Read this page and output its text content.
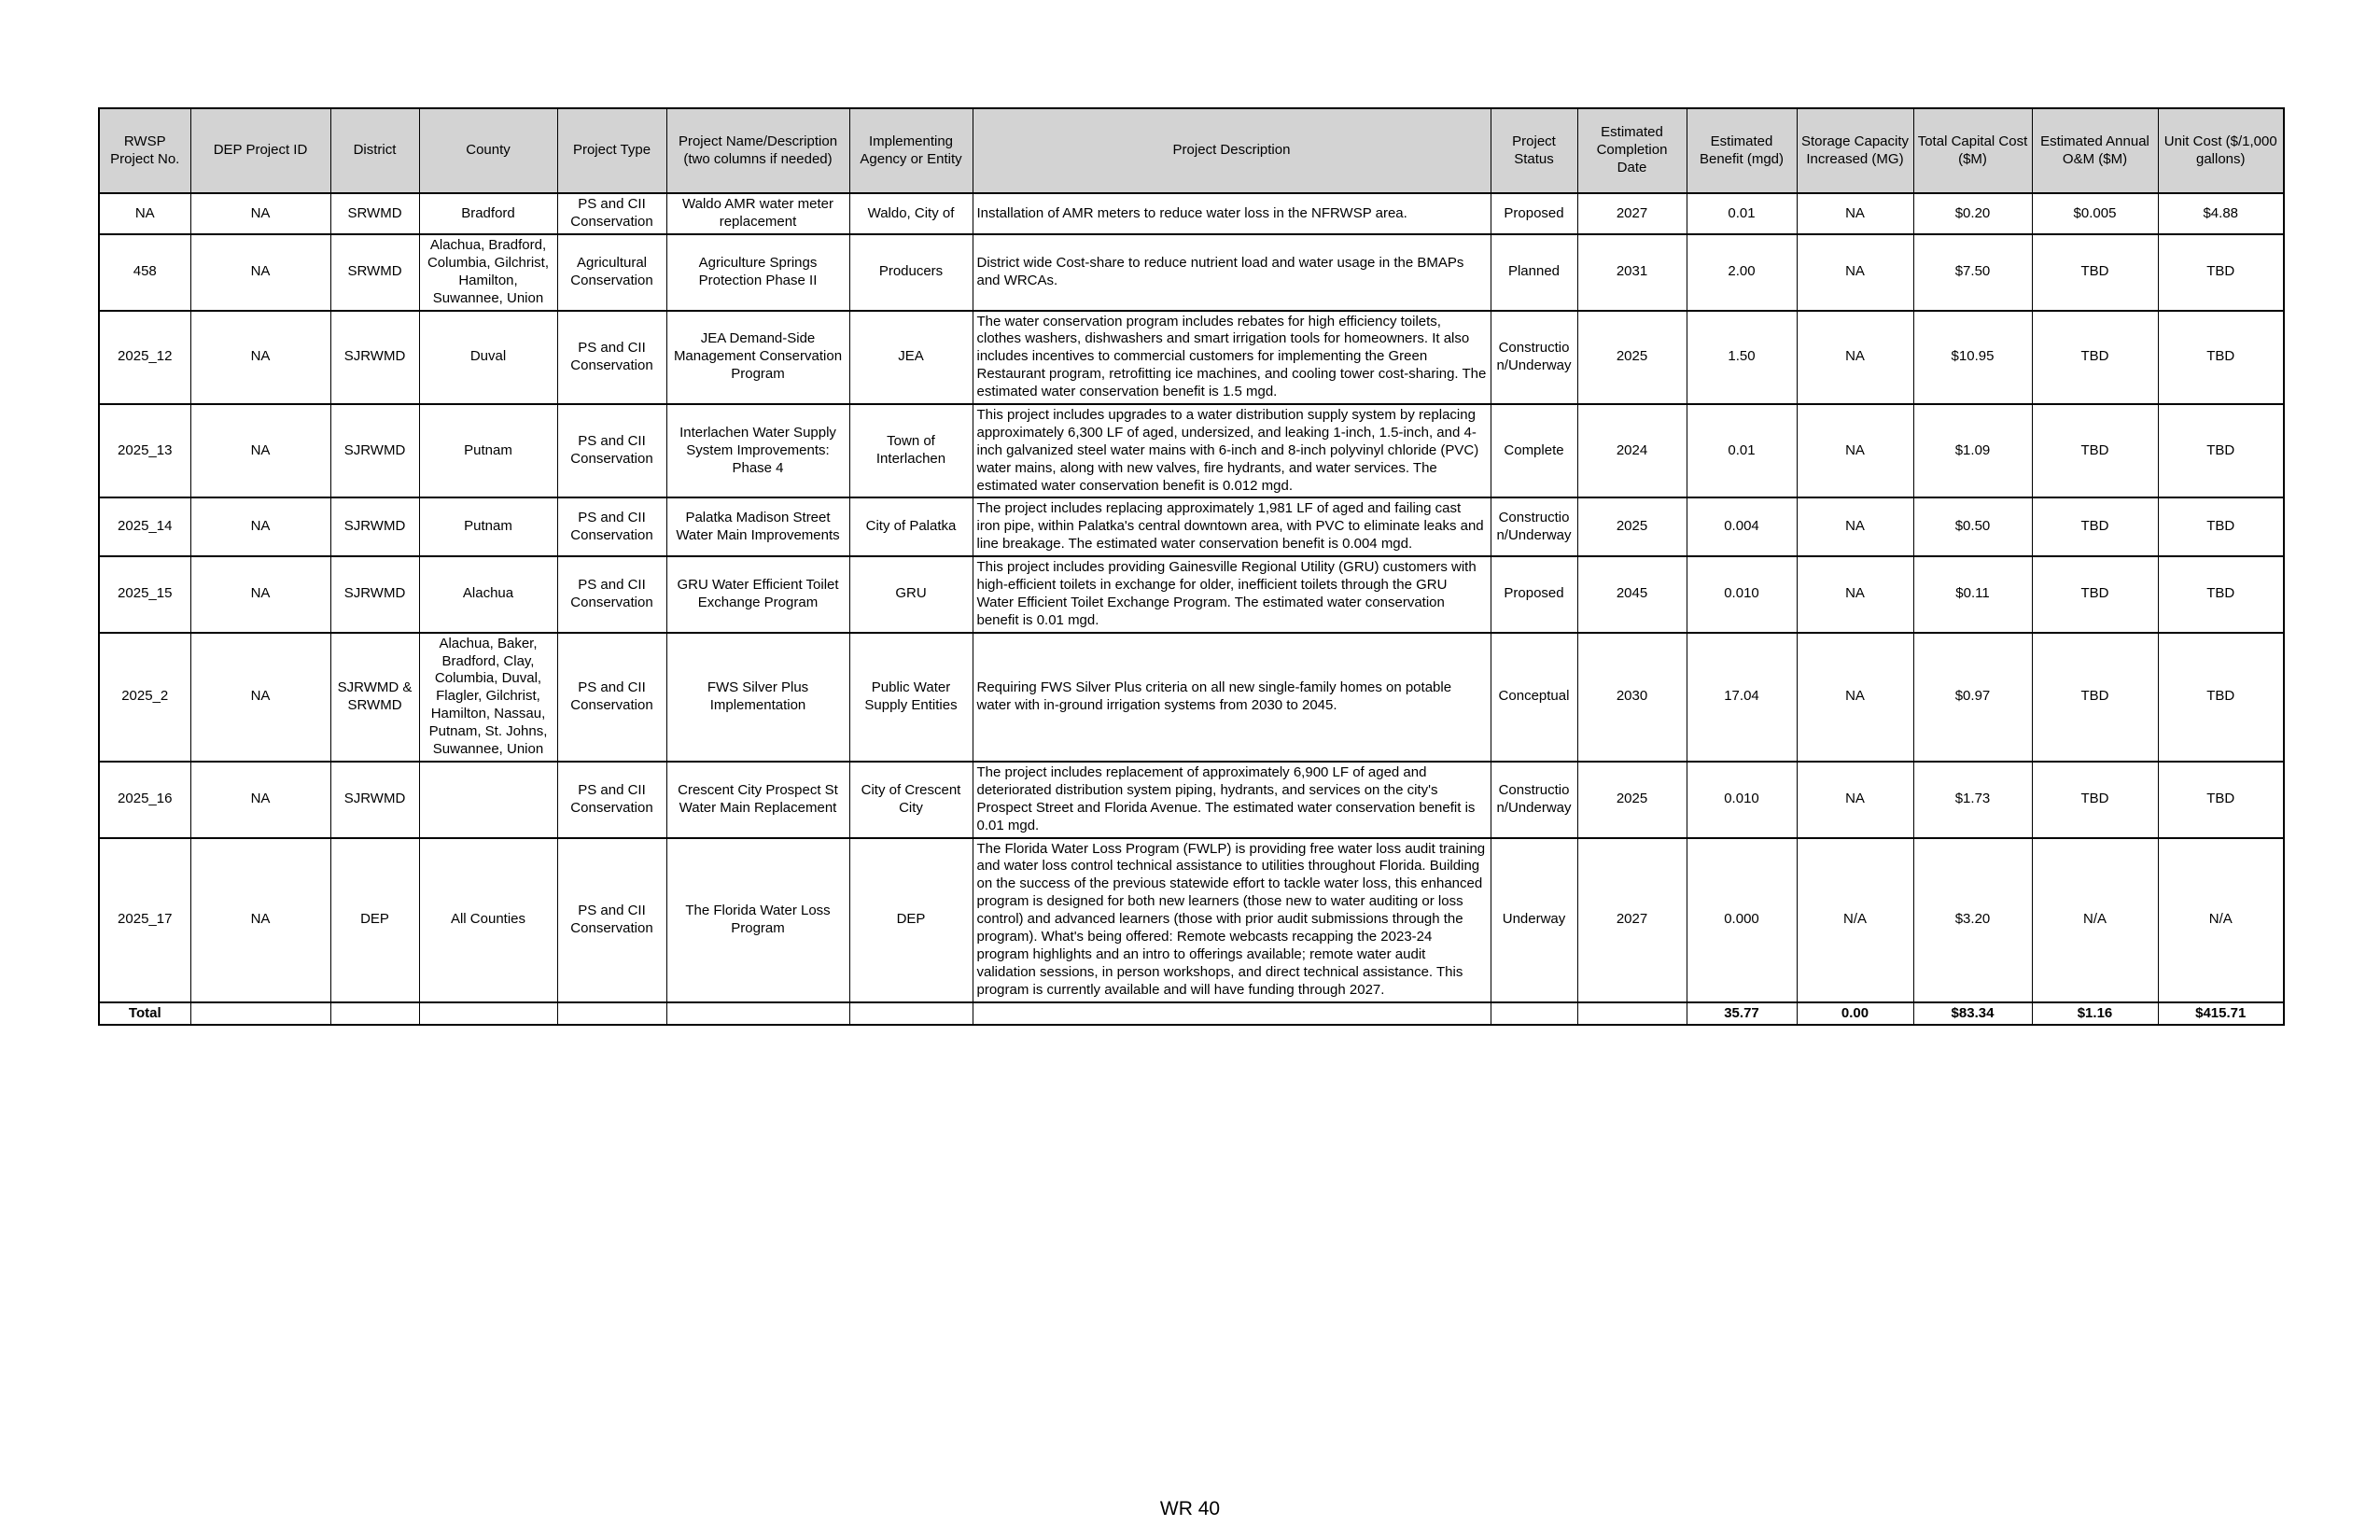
RWSP Project No.	DEP Project ID	District	County	Project Type	Project Name/Description (two columns if needed)	Implementing Agency or Entity	Project Description	Project Status	Estimated Completion Date	Estimated Benefit (mgd)	Storage Capacity Increased (MG)	Total Capital Cost ($M)	Estimated Annual O&M ($M)	Unit Cost ($/1,000 gallons)
NA	NA	SRWMD	Bradford	PS and CII Conservation	Waldo AMR water meter replacement	Waldo, City of	Installation of AMR meters to reduce water loss in the NFRWSP area.	Proposed	2027	0.01	NA	$0.20	$0.005	$4.88
458	NA	SRWMD	Alachua, Bradford, Columbia, Gilchrist, Hamilton, Suwannee, Union	Agricultural Conservation	Agriculture Springs Protection Phase II	Producers	District wide Cost-share to reduce nutrient load and water usage in the BMAPs and WRCAs.	Planned	2031	2.00	NA	$7.50	TBD	TBD
2025_12	NA	SJRWMD	Duval	PS and CII Conservation	JEA Demand-Side Management Conservation Program	JEA	The water conservation program includes rebates for high efficiency toilets, clothes washers, dishwashers and smart irrigation tools for homeowners. It also includes incentives to commercial customers for implementing the Green Restaurant program, retrofitting ice machines, and cooling tower cost-sharing. The estimated water conservation benefit is 1.5 mgd.	Construction/Underway	2025	1.50	NA	$10.95	TBD	TBD
2025_13	NA	SJRWMD	Putnam	PS and CII Conservation	Interlachen Water Supply System Improvements: Phase 4	Town of Interlachen	This project includes upgrades to a water distribution supply system by replacing approximately 6,300 LF of aged, undersized, and leaking 1-inch, 1.5-inch, and 4-inch galvanized steel water mains with 6-inch and 8-inch polyvinyl chloride (PVC) water mains, along with new valves, fire hydrants, and water services. The estimated water conservation benefit is 0.012 mgd.	Complete	2024	0.01	NA	$1.09	TBD	TBD
2025_14	NA	SJRWMD	Putnam	PS and CII Conservation	Palatka Madison Street Water Main Improvements	City of Palatka	The project includes replacing approximately 1,981 LF of aged and failing cast iron pipe, within Palatka's central downtown area, with PVC to eliminate leaks and line breakage. The estimated water conservation benefit is 0.004 mgd.	Construction/Underway	2025	0.004	NA	$0.50	TBD	TBD
2025_15	NA	SJRWMD	Alachua	PS and CII Conservation	GRU Water Efficient Toilet Exchange Program	GRU	This project includes providing Gainesville Regional Utility (GRU) customers with high-efficient toilets in exchange for older, inefficient toilets through the GRU Water Efficient Toilet Exchange Program. The estimated water conservation benefit is 0.01 mgd.	Proposed	2045	0.010	NA	$0.11	TBD	TBD
2025_2	NA	SJRWMD & SRWMD	Alachua, Baker, Bradford, Clay, Columbia, Duval, Flagler, Gilchrist, Hamilton, Nassau, Putnam, St. Johns, Suwannee, Union	PS and CII Conservation	FWS Silver Plus Implementation	Public Water Supply Entities	Requiring FWS Silver Plus criteria on all new single-family homes on potable water with in-ground irrigation systems from 2030 to 2045.	Conceptual	2030	17.04	NA	$0.97	TBD	TBD
2025_16	NA	SJRWMD		PS and CII Conservation	Crescent City Prospect St Water Main Replacement	City of Crescent City	The project includes replacement of approximately 6,900 LF of aged and deteriorated distribution system piping, hydrants, and services on the city's Prospect Street and Florida Avenue. The estimated water conservation benefit is 0.01 mgd.	Construction/Underway	2025	0.010	NA	$1.73	TBD	TBD
2025_17	NA	DEP	All Counties	PS and CII Conservation	The Florida Water Loss Program	DEP	The Florida Water Loss Program (FWLP) is providing free water loss audit training and water loss control technical assistance to utilities throughout Florida. Building on the success of the previous statewide effort to tackle water loss, this enhanced program is designed for both new learners (those new to water auditing or loss control) and advanced learners (those with prior audit submissions through the program). What's being offered: Remote webcasts recapping the 2023-24 program highlights and an intro to offerings available; remote water audit validation sessions, in person workshops, and direct technical assistance. This program is currently available and will have funding through 2027.	Underway	2027	0.000	N/A	$3.20	N/A	N/A
Total										35.77	0.00	$83.34	$1.16	$415.71
WR 40
